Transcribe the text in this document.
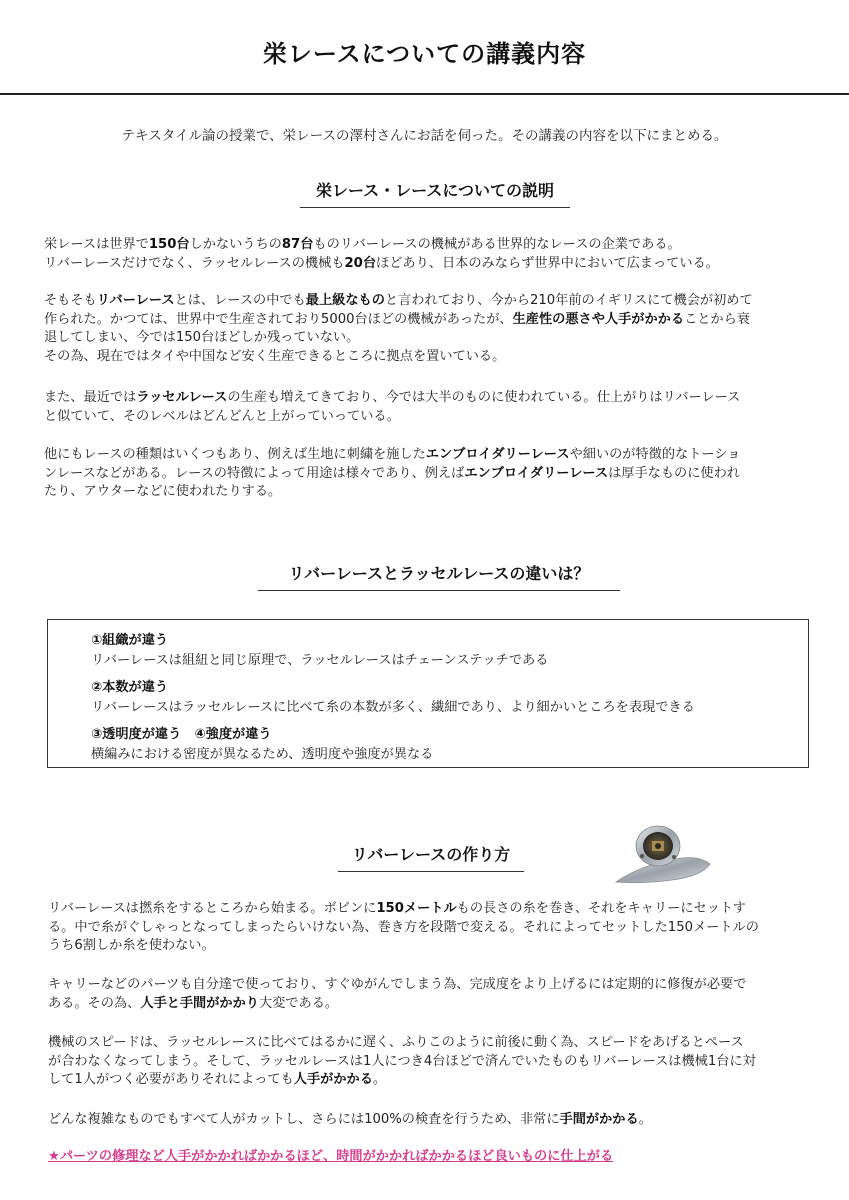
栄レースについての講義内容
テキスタイル論の授業で、栄レースの澤村さんにお話を伺った。その講義の内容を以下にまとめる。
栄レース・レースについての説明

栄レースは世界で150台しかないうちの87台ものリバーレースの機械がある世界的なレースの企業である。
リバーレースだけでなく、ラッセルレースの機械も20台ほどあり、日本のみならず世界中において広まっている。

そもそもリバーレースとは、レースの中でも最上級なものと言われており、今から210年前のイギリスにて機会が初めて
作られた。かつては、世界中で生産されており5000台ほどの機械があったが、生産性の悪さや人手がかかることから衰
退してしまい、今では150台ほどしか残っていない。
その為、現在ではタイや中国など安く生産できるところに拠点を置いている。

また、最近ではラッセルレースの生産も増えてきており、今では大半のものに使われている。仕上がりはリバーレース
と似ていて、そのレベルはどんどんと上がっていっている。

他にもレースの種類はいくつもあり、例えば生地に刺繍を施したエンブロイダリーレースや細いのが特徴的なトーショ
ンレースなどがある。レースの特徴によって用途は様々であり、例えばエンブロイダリーレースは厚手なものに使われ
たり、アウターなどに使われたりする。

リバーレースとラッセルレースの違いは？
①組織が違う
リバーレースは組紐と同じ原理で、ラッセルレースはチェーンステッチである
②本数が違う
リバーレースはラッセルレースに比べて糸の本数が多く、繊細であり、より細かいところを表現できる
③透明度が違う　④強度が違う
横編みにおける密度が異なるため、透明度や強度が異なる
リバーレースの作り方

リバーレースは撚糸をするところから始まる。ボビンに150メートルもの長さの糸を巻き、それをキャリーにセットす
る。中で糸がぐしゃっとなってしまったらいけない為、巻き方を段階で変える。それによってセットした150メートルの
うち6割しか糸を使わない。

キャリーなどのパーツも自分達で使っており、すぐゆがんでしまう為、完成度をより上げるには定期的に修復が必要で
ある。その為、人手と手間がかかり大変である。

機械のスピードは、ラッセルレースに比べてはるかに遅く、ふりこのように前後に動く為、スピードをあげるとペース
が合わなくなってしまう。そして、ラッセルレースは1人につき4台ほどで済んでいたものもリバーレースは機械1台に対
して1人がつく必要がありそれによっても人手がかかる。

どんな複雑なものでもすべて人がカットし、さらには100%の検査を行うため、非常に手間がかかる。

★パーツの修理など人手がかかればかかるほど、時間がかかればかかるほど良いものに仕上がる
